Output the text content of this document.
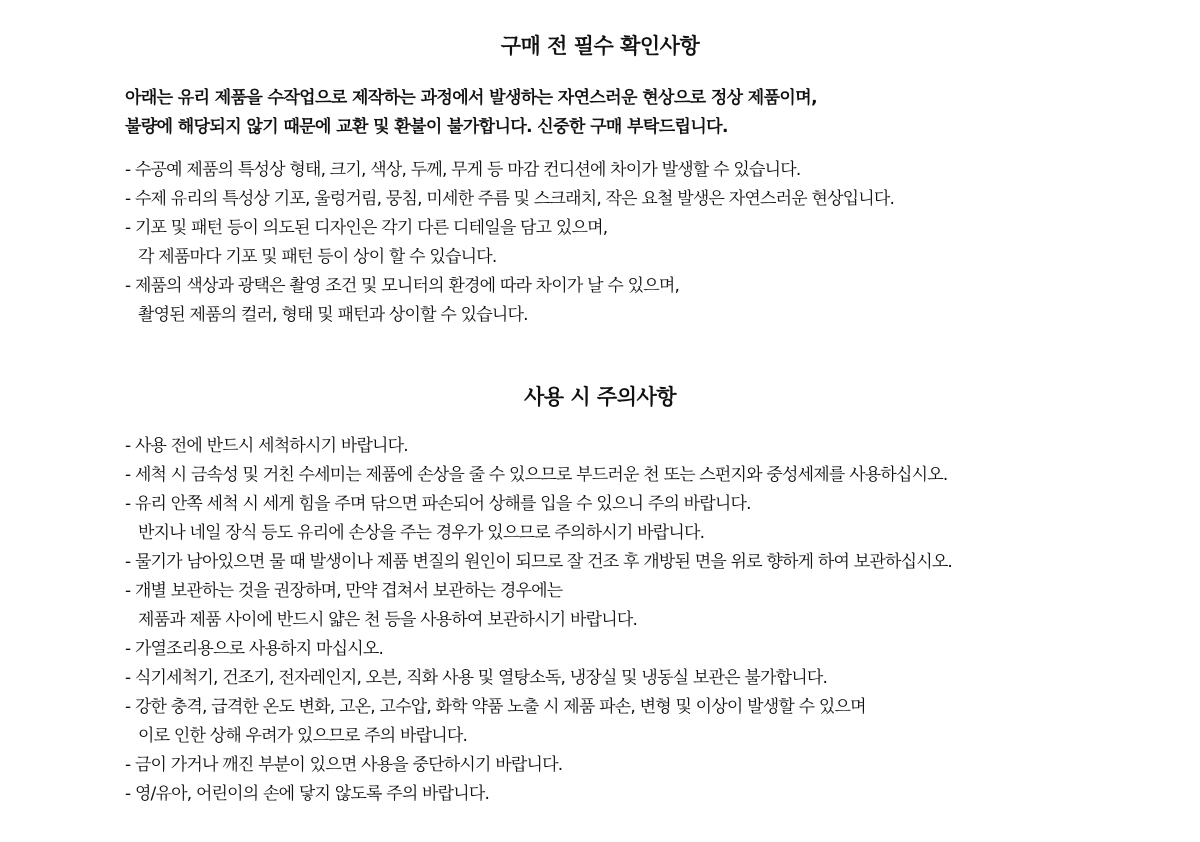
구매 전 필수 확인사항

아래는 유리 제품을 수작업으로 제작하는 과정에서 발생하는 자연스러운 현상으로 정상 제품이며,

불량에 해당되지 않기 때문에 교환 및 환불이 불가합니다. 신중한 구매 부탁드립니다.

- 수공예 제품의 특성상 형태, 크기, 색상, 두께, 무게 등 마감 컨디션에 차이가 발생할 수 있습니다.
- 수제 유리의 특성상 기포, 울렁거림, 뭉침, 미세한 주름 및 스크래치, 작은 요철 발생은 자연스러운 현상입니다.
- 기포 및 패턴 등이 의도된 디자인은 각기 다른 디테일을 담고 있으며,
각 제품마다 기포 및 패턴 등이 상이 할 수 있습니다.
- 제품의 색상과 광택은 촬영 조건 및 모니터의 환경에 따라 차이가 날 수 있으며,
촬영된 제품의 컬러, 형태 및 패턴과 상이할 수 있습니다.
사용 시 주의사항
- 사용 전에 반드시 세척하시기 바랍니다.
- 세척 시 금속성 및 거친 수세미는 제품에 손상을 줄 수 있으므로 부드러운 천 또는 스펀지와 중성세제를 사용하십시오.
- 유리 안쪽 세척 시 세게 힘을 주며 닦으면 파손되어 상해를 입을 수 있으니 주의 바랍니다.
반지나 네일 장식 등도 유리에 손상을 주는 경우가 있으므로 주의하시기 바랍니다.
- 물기가 남아있으면 물 때 발생이나 제품 변질의 원인이 되므로 잘 건조 후 개방된 면을 위로 향하게 하여 보관하십시오.
- 개별 보관하는 것을 권장하며, 만약 겹쳐서 보관하는 경우에는
제품과 제품 사이에 반드시 얇은 천 등을 사용하여 보관하시기 바랍니다.
- 가열조리용으로 사용하지 마십시오.
- 식기세척기, 건조기, 전자레인지, 오븐, 직화 사용 및 열탕소독, 냉장실 및 냉동실 보관은 불가합니다.
- 강한 충격, 급격한 온도 변화, 고온, 고수압, 화학 약품 노출 시 제품 파손, 변형 및 이상이 발생할 수 있으며
이로 인한 상해 우려가 있으므로 주의 바랍니다.
- 금이 가거나 깨진 부분이 있으면 사용을 중단하시기 바랍니다.
- 영/유아, 어린이의 손에 닿지 않도록 주의 바랍니다.
